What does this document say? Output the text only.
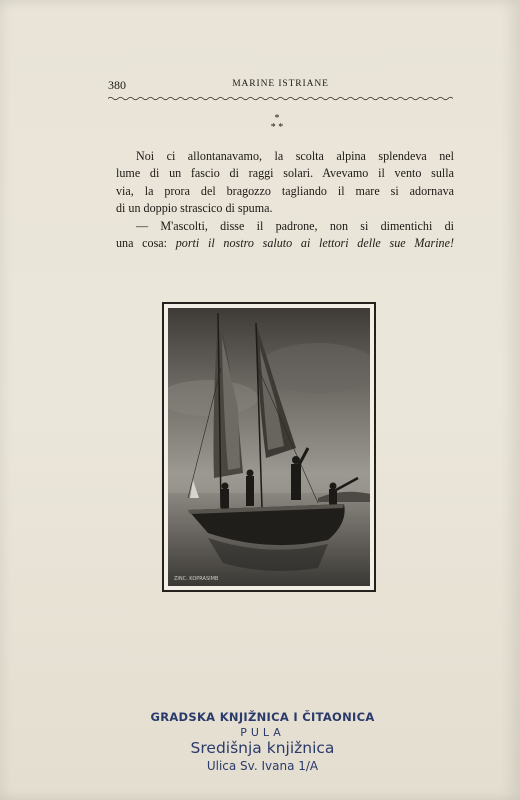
380	MARINE ISTRIANE
*
* *
Noi ci allontanavamo, la scolta alpina splendeva nel
lume di un fascio di raggi solari. Avevamo il vento sulla
via, la prora del bragozzo tagliando il mare si adornava
di un doppio strascico di spuma.
— M'ascolti, disse il padrone, non si dimentichi di
una cosa: porti il nostro saluto ai lettori delle sue Marine!
ZINC. KOPRASIMB
GRADSKA KNJIŽNICA I ČITAONICA
PULA
Središnja knjižnica
Ulica Sv. Ivana 1/A
